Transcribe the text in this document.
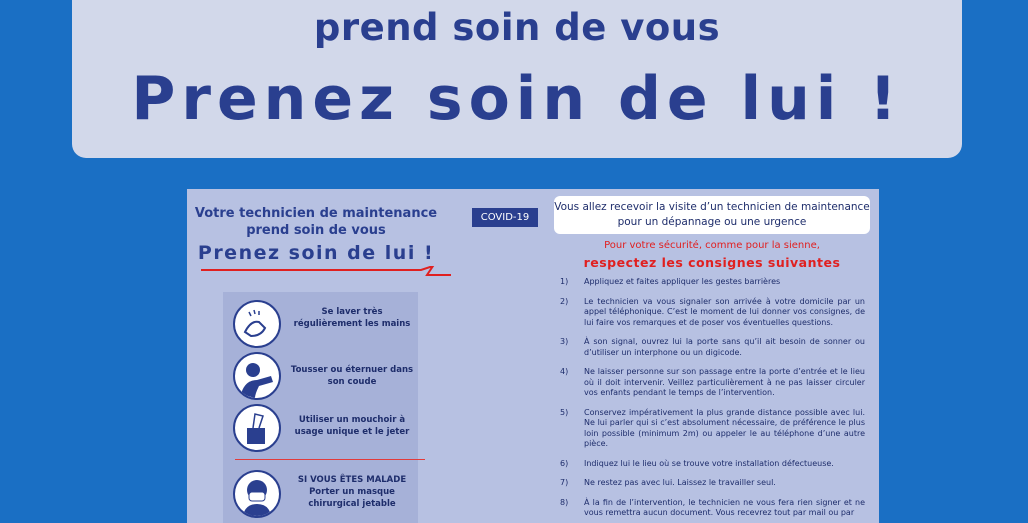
prend soin de vous
Prenez soin de lui !
Votre technicien de maintenance
prend soin de vous
Prenez soin de lui !
COVID-19
Se laver très régulièrement les mains
Tousser ou éternuer dans son coude
Utiliser un mouchoir à usage unique et le jeter
SI VOUS ÊTES MALADE Porter un masque chirurgical jetable
Vous allez recevoir la visite d’un technicien de maintenance pour un dépannage ou une urgence
Pour votre sécurité, comme pour la sienne,
respectez les consignes suivantes
1) Appliquez et faites appliquer les gestes barrières
2) Le technicien va vous signaler son arrivée à votre domicile par un appel téléphonique. C’est le moment de lui donner vos consignes, de lui faire vos remarques et de poser vos éventuelles questions.
3) À son signal, ouvrez lui la porte sans qu’il ait besoin de sonner ou d’utiliser un interphone ou un digicode.
4) Ne laisser personne sur son passage entre la porte d’entrée et le lieu où il doit intervenir. Veillez particulièrement à ne pas laisser circuler vos enfants pendant le temps de l’intervention.
5) Conservez impérativement la plus grande distance possible avec lui. Ne lui parler qui si c’est absolument nécessaire, de préférence le plus loin possible (minimum 2m) ou appeler le au téléphone d’une autre pièce.
6) Indiquez lui le lieu où se trouve votre installation défectueuse.
7) Ne restez pas avec lui. Laissez le travailler seul.
8) À la fin de l’intervention, le technicien ne vous fera rien signer et ne vous remettra aucun document. Vous recevrez tout par mail ou par
